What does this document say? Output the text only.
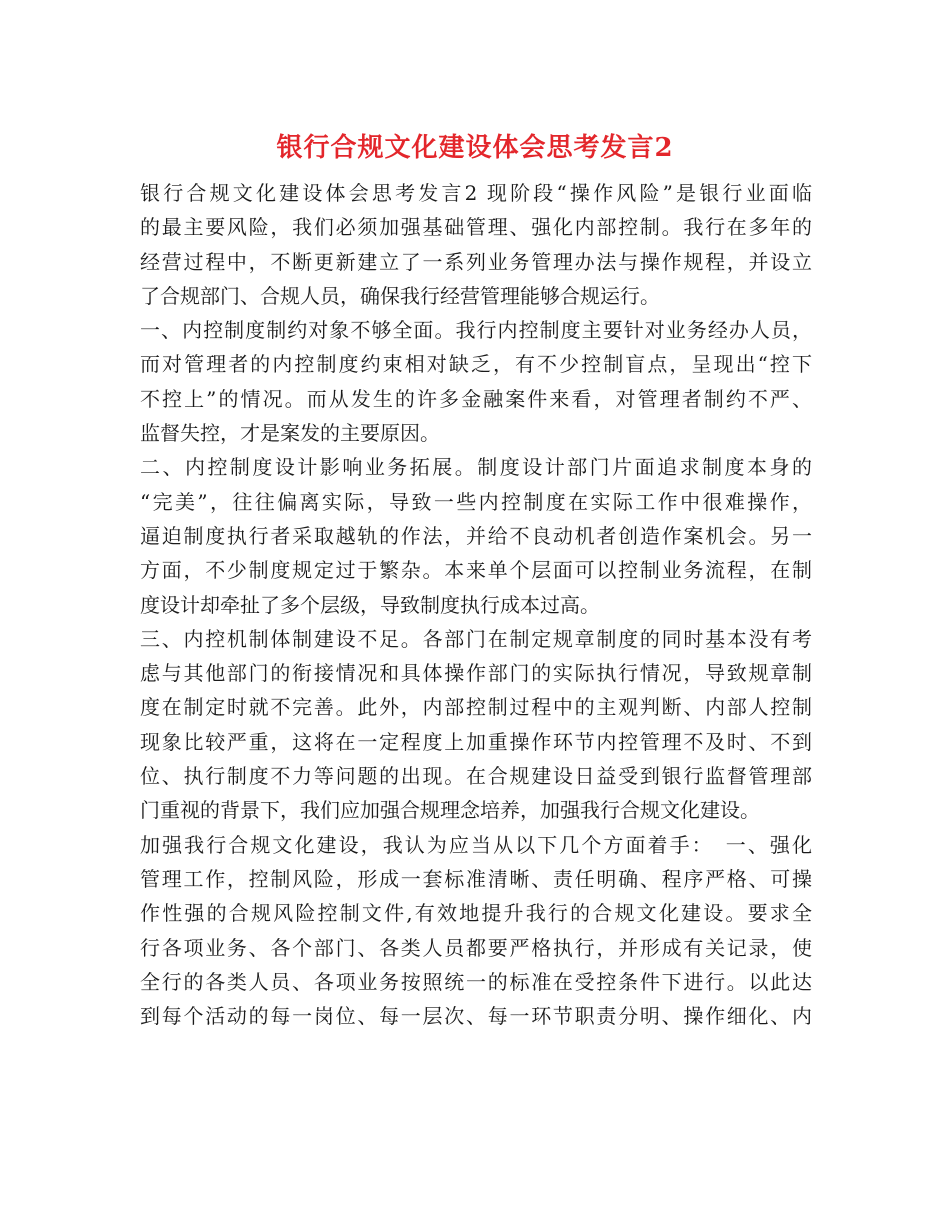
银行合规文化建设体会思考发言2
银行合规文化建设体会思考发言2 现阶段“操作风险”是银行业面临
的最主要风险，我们必须加强基础管理、强化内部控制。我行在多年的
经营过程中，不断更新建立了一系列业务管理办法与操作规程，并设立
了合规部门、合规人员，确保我行经营管理能够合规运行。
一、内控制度制约对象不够全面。我行内控制度主要针对业务经办人员，
而对管理者的内控制度约束相对缺乏，有不少控制盲点，呈现出“控下
不控上”的情况。而从发生的许多金融案件来看，对管理者制约不严、
监督失控，才是案发的主要原因。
二、内控制度设计影响业务拓展。制度设计部门片面追求制度本身的
“完美”，往往偏离实际，导致一些内控制度在实际工作中很难操作，
逼迫制度执行者采取越轨的作法，并给不良动机者创造作案机会。另一
方面，不少制度规定过于繁杂。本来单个层面可以控制业务流程，在制
度设计却牵扯了多个层级，导致制度执行成本过高。
三、内控机制体制建设不足。各部门在制定规章制度的同时基本没有考
虑与其他部门的衔接情况和具体操作部门的实际执行情况，导致规章制
度在制定时就不完善。此外，内部控制过程中的主观判断、内部人控制
现象比较严重，这将在一定程度上加重操作环节内控管理不及时、不到
位、执行制度不力等问题的出现。在合规建设日益受到银行监督管理部
门重视的背景下，我们应加强合规理念培养，加强我行合规文化建设。
加强我行合规文化建设，我认为应当从以下几个方面着手：　一、强化
管理工作，控制风险，形成一套标准清晰、责任明确、程序严格、可操
作性强的合规风险控制文件,有效地提升我行的合规文化建设。要求全
行各项业务、各个部门、各类人员都要严格执行，并形成有关记录，使
全行的各类人员、各项业务按照统一的标准在受控条件下进行。以此达
到每个活动的每一岗位、每一层次、每一环节职责分明、操作细化、内
